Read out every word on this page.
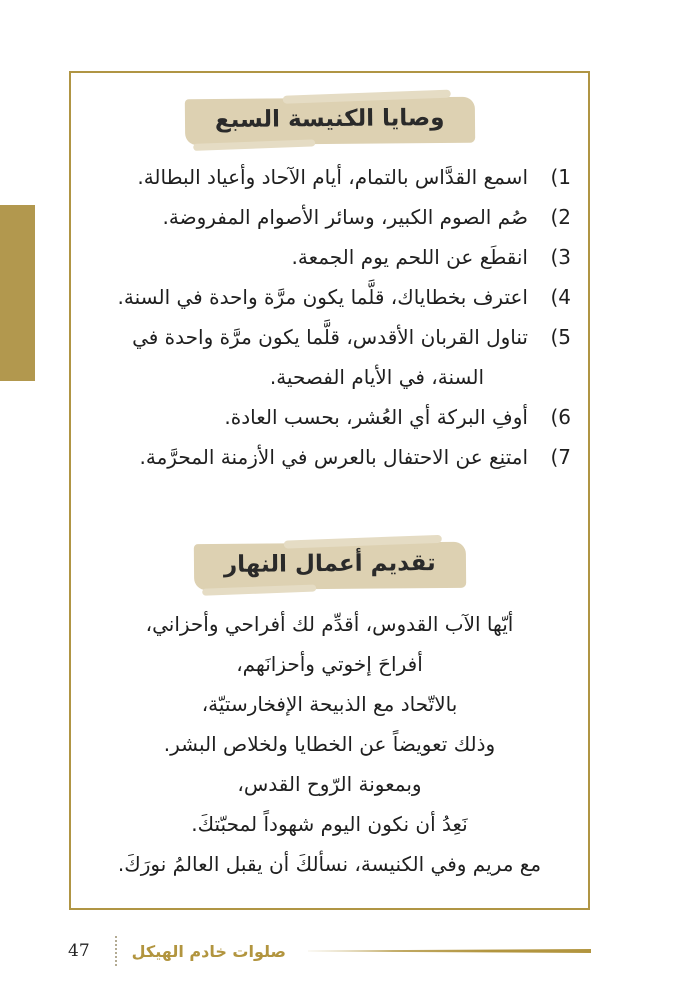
وصايا الكنيسة السبع
1)
اسمع القدَّاس بالتمام، أيام الآحاد وأعياد البطالة.
2)
صُم الصوم الكبير، وسائر الأصوام المفروضة.
3)
انقطَع عن اللحم يوم الجمعة.
4)
اعترف بخطاياك، قلَّما يكون مرَّة واحدة في السنة.
5)
تناول القربان الأقدس، قلَّما يكون مرَّة واحدة في
السنة، في الأيام الفصحية.
6)
أوفِ البركة أي العُشر، بحسب العادة.
7)
امتنِع عن الاحتفال بالعرس في الأزمنة المحرَّمة.
تقديم أعمال النهار
أيّها الآب القدوس، أقدِّم لك أفراحي وأحزاني،
أفراحَ إخوتي وأحزانَهم،
بالاتّحاد مع الذبيحة الإفخارستيّة،
وذلك تعويضاً عن الخطايا ولخلاص البشر.
وبمعونة الرّوح القدس،
نَعِدُ أن نكون اليوم شهوداً لمحبّتكَ.
مع مريم وفي الكنيسة، نسألكَ أن يقبل العالمُ نورَكَ.
47	صلوات خادم الهيكل
